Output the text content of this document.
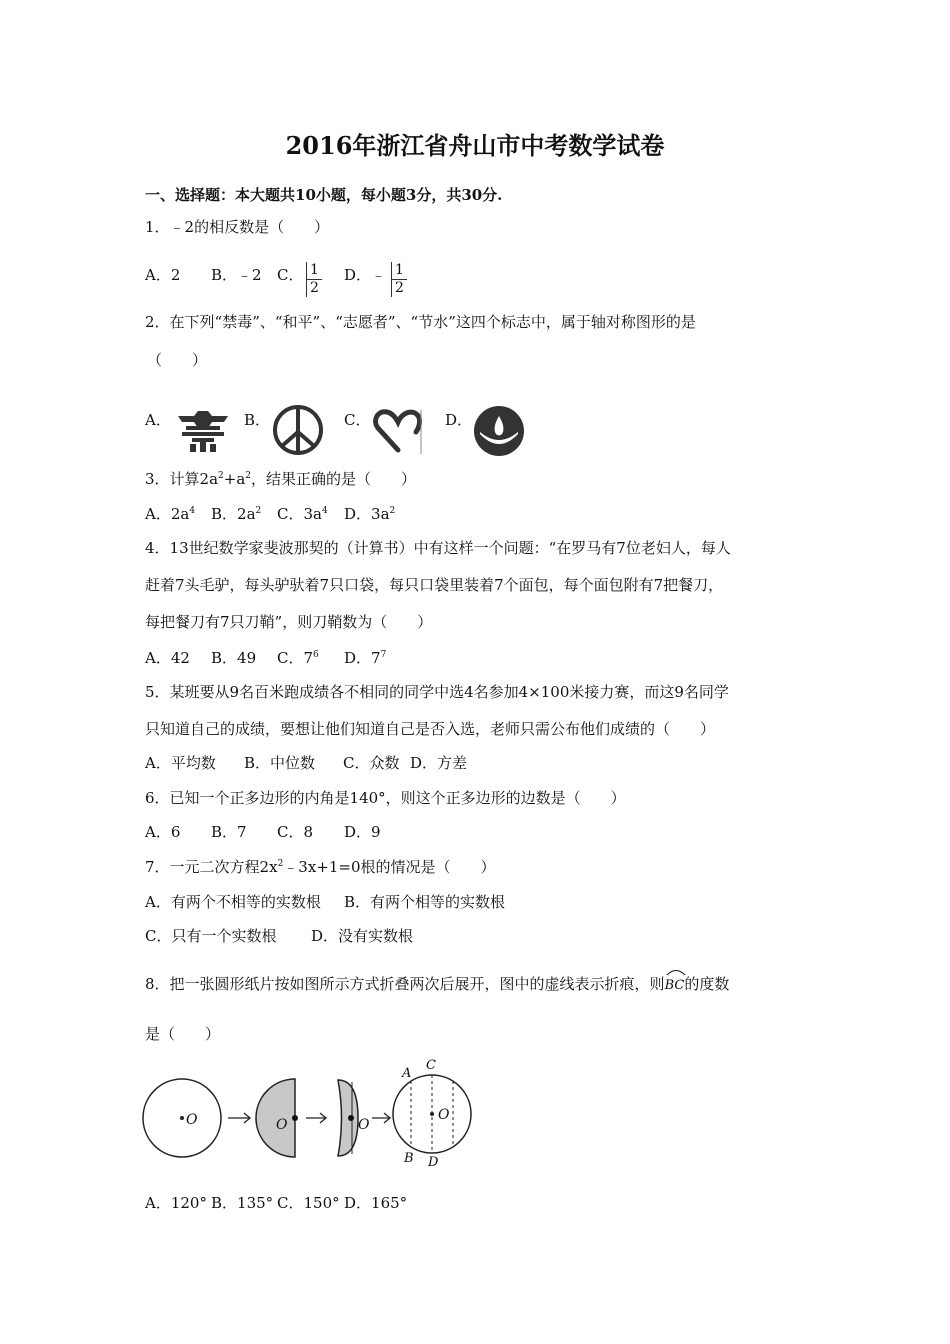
2016年浙江省舟山市中考数学试卷
一、选择题：本大题共10小题，每小题3分，共30分.
1．﹣2的相反数是（　　）
A．2 B．﹣2 C． $\frac{1}{2}$ D．﹣ $\frac{1}{2}$
2．在下列“禁毒”、“和平”、“志愿者”、“节水”这四个标志中，属于轴对称图形的是
（　　）
A．	B．	C．	D．
3．计算$2a^2+a^2$，结果正确的是（　　）
A．$2a^4$ B．$2a^2$ C．$3a^4$ D．$3a^2$
4．13世纪数学家斐波那契的（计算书）中有这样一个问题：“在罗马有7位老妇人，每人
赶着7头毛驴，每头驴驮着7只口袋，每只口袋里装着7个面包，每个面包附有7把餐刀，
每把餐刀有7只刀鞘”，则刀鞘数为（　　）
A．42 B．49 C．$7^6$ D．$7^7$
5．某班要从9名百米跑成绩各不相同的同学中选4名参加4×100米接力赛，而这9名同学
只知道自己的成绩，要想让他们知道自己是否入选，老师只需公布他们成绩的（　　）
A．平均数 B．中位数 C．众数 D．方差
6．已知一个正多边形的内角是140°，则这个正多边形的边数是（　　）
A．6 B．7 C．8 D．9
7．一元二次方程$2x^2﹣3x+1=0$根的情况是（　　）
A．有两个不相等的实数根 B．有两个相等的实数根
C．只有一个实数根 D．没有实数根
8．把一张圆形纸片按如图所示方式折叠两次后展开，图中的虚线表示折痕，则
BC的度数
是（　　）
O	O	O
O
A
C
B D
A．120° B．135° C．150° D．165°
